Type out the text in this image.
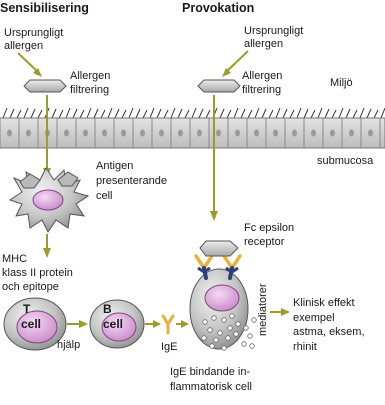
Sensibilisering	Provokation
Ursprungligt
allergen
Ursprungligt
allergen
Allergen
filtrering
Allergen
filtrering
Miljö
submucosa
Antigen
presenterande
cell
MHC
klass II protein
och epitope
T
cell
hjälp
B
cell
IgE
Fc epsilon
receptor
mediatorer Klinisk effekt
exempel
astma, eksem,
rhinit
IgE bindande in-
flammatorisk cell
